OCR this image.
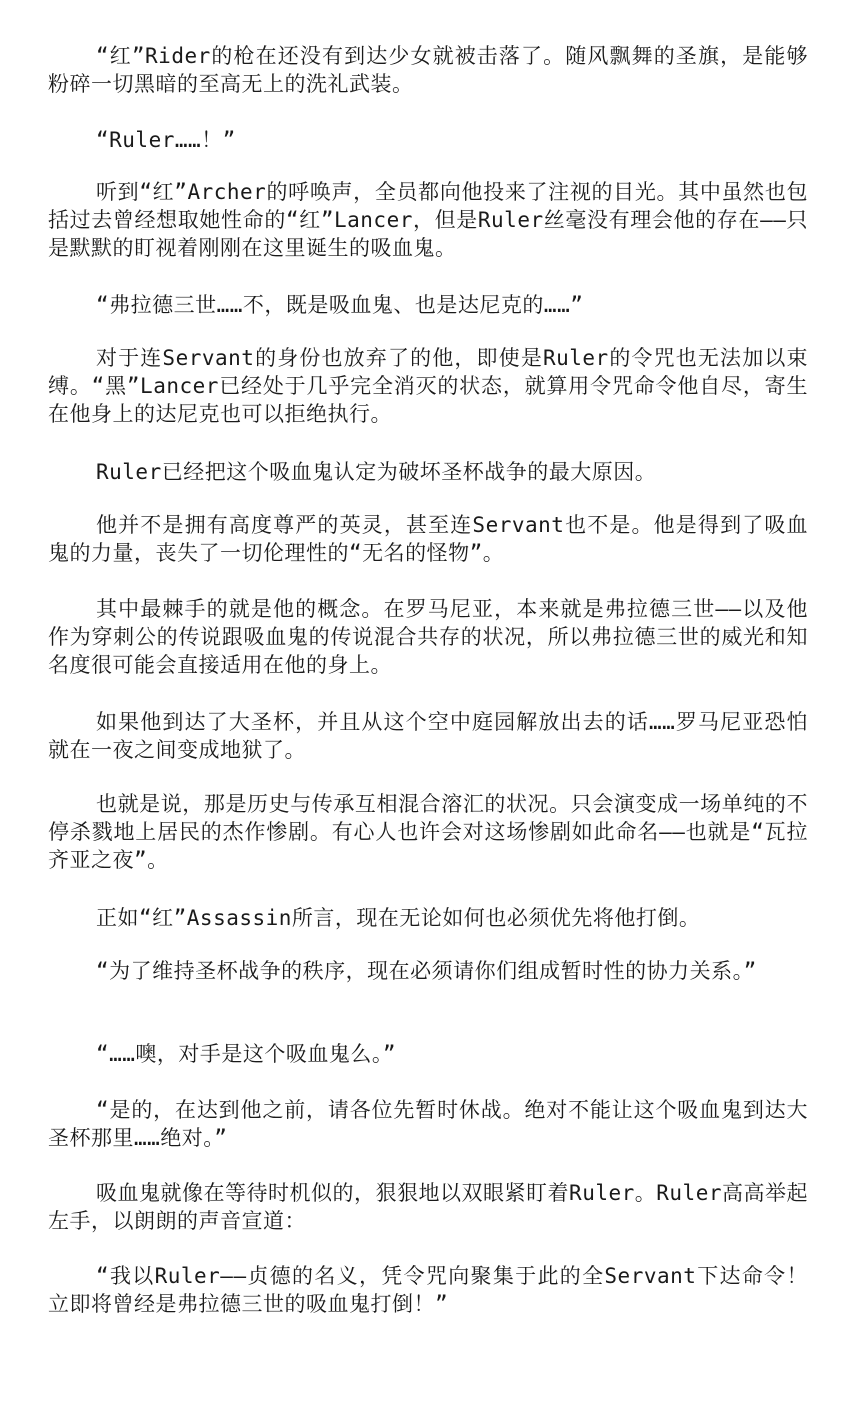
“红”Rider的枪在还没有到达少女就被击落了。随风飘舞的圣旗，是能够粉碎一切黑暗的至高无上的洗礼武装。

“Ruler……！”

听到“红”Archer的呼唤声，全员都向他投来了注视的目光。其中虽然也包括过去曾经想取她性命的“红”Lancer，但是Ruler丝毫没有理会他的存在——只是默默的盯视着刚刚在这里诞生的吸血鬼。

“弗拉德三世……不，既是吸血鬼、也是达尼克的……”

对于连Servant的身份也放弃了的他，即使是Ruler的令咒也无法加以束缚。“黑”Lancer已经处于几乎完全消灭的状态，就算用令咒命令他自尽，寄生在他身上的达尼克也可以拒绝执行。

Ruler已经把这个吸血鬼认定为破坏圣杯战争的最大原因。

他并不是拥有高度尊严的英灵，甚至连Servant也不是。他是得到了吸血鬼的力量，丧失了一切伦理性的“无名的怪物”。

其中最棘手的就是他的概念。在罗马尼亚，本来就是弗拉德三世——以及他作为穿刺公的传说跟吸血鬼的传说混合共存的状况，所以弗拉德三世的威光和知名度很可能会直接适用在他的身上。

如果他到达了大圣杯，并且从这个空中庭园解放出去的话……罗马尼亚恐怕就在一夜之间变成地狱了。

也就是说，那是历史与传承互相混合溶汇的状况。只会演变成一场单纯的不停杀戮地上居民的杰作惨剧。有心人也许会对这场惨剧如此命名——也就是“瓦拉齐亚之夜”。

正如“红”Assassin所言，现在无论如何也必须优先将他打倒。

“为了维持圣杯战争的秩序，现在必须请你们组成暂时性的协力关系。”

“……噢，对手是这个吸血鬼么。”

“是的，在达到他之前，请各位先暂时休战。绝对不能让这个吸血鬼到达大圣杯那里……绝对。”

吸血鬼就像在等待时机似的，狠狠地以双眼紧盯着Ruler。Ruler高高举起左手，以朗朗的声音宣道：

“我以Ruler——贞德的名义，凭令咒向聚集于此的全Servant下达命令！立即将曾经是弗拉德三世的吸血鬼打倒！”
